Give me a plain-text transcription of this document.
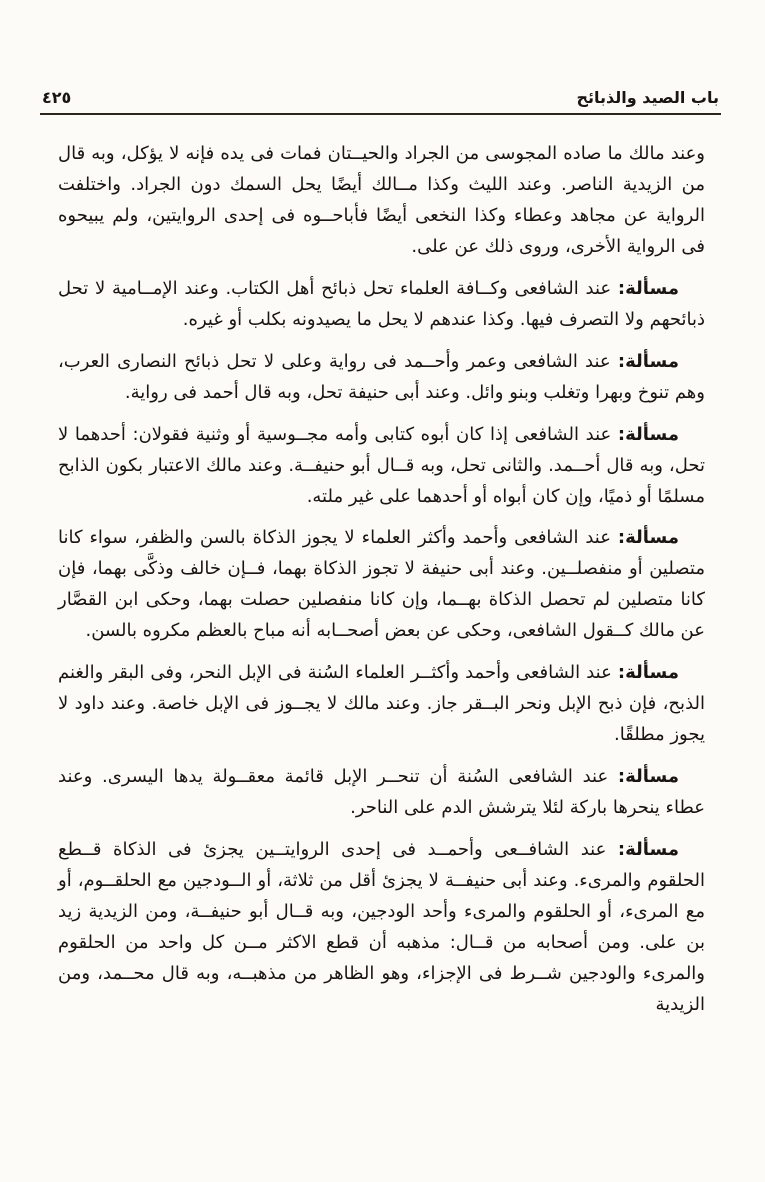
باب الصيد والذبائح
٤٢٥

وعند مالك ما صاده المجوسى من الجراد والحيــتان فمات فى يده فإنه لا يؤكل، وبه قال من الزيدية الناصر. وعند الليث وكذا مــالك أيضًا يحل السمك دون الجراد. واختلفت الرواية عن مجاهد وعطاء وكذا النخعى أيضًا فأباحــوه فى إحدى الروايتين، ولم يبيحوه فى الرواية الأخرى، وروى ذلك عن على.

مسألة: عند الشافعى وكــافة العلماء تحل ذبائح أهل الكتاب. وعند الإمــامية لا تحل ذبائحهم ولا التصرف فيها. وكذا عندهم لا يحل ما يصيدونه بكلب أو غيره.

مسألة: عند الشافعى وعمر وأحــمد فى رواية وعلى لا تحل ذبائح النصارى العرب، وهم تنوخ وبهرا وتغلب وبنو وائل. وعند أبى حنيفة تحل، وبه قال أحمد فى رواية.

مسألة: عند الشافعى إذا كان أبوه كتابى وأمه مجــوسية أو وثنية فقولان: أحدهما لا تحل، وبه قال أحــمد. والثانى تحل، وبه قــال أبو حنيفــة. وعند مالك الاعتبار بكون الذابح مسلمًا أو ذميًا، وإن كان أبواه أو أحدهما على غير ملته.

مسألة: عند الشافعى وأحمد وأكثر العلماء لا يجوز الذكاة بالسن والظفر، سواء كانا متصلين أو منفصلــين. وعند أبى حنيفة لا تجوز الذكاة بهما، فــإن خالف وذكَّى بهما، فإن كانا متصلين لم تحصل الذكاة بهــما، وإن كانا منفصلين حصلت بهما، وحكى ابن القصَّار عن مالك كــقول الشافعى، وحكى عن بعض أصحــابه أنه مباح بالعظم مكروه بالسن.

مسألة: عند الشافعى وأحمد وأكثــر العلماء السُنة فى الإبل النحر، وفى البقر والغنم الذبح، فإن ذبح الإبل ونحر البــقر جاز. وعند مالك لا يجــوز فى الإبل خاصة. وعند داود لا يجوز مطلقًا.

مسألة: عند الشافعى السُنة أن تنحــر الإبل قائمة معقــولة يدها اليسرى. وعند عطاء ينحرها باركة لئلا يترشش الدم على الناحر.

مسألة: عند الشافــعى وأحمــد فى إحدى الروايتــين يجزئ فى الذكاة قــطع الحلقوم والمرىء. وعند أبى حنيفــة لا يجزئ أقل من ثلاثة، أو الــودجين مع الحلقــوم، أو مع المرىء، أو الحلقوم والمرىء وأحد الودجين، وبه قــال أبو حنيفــة، ومن الزيدية زيد بن على. ومن أصحابه من قــال: مذهبه أن قطع الاكثر مــن كل واحد من الحلقوم والمرىء والودجين شــرط فى الإجزاء، وهو الظاهر من مذهبــه، وبه قال محــمد، ومن الزيدية
